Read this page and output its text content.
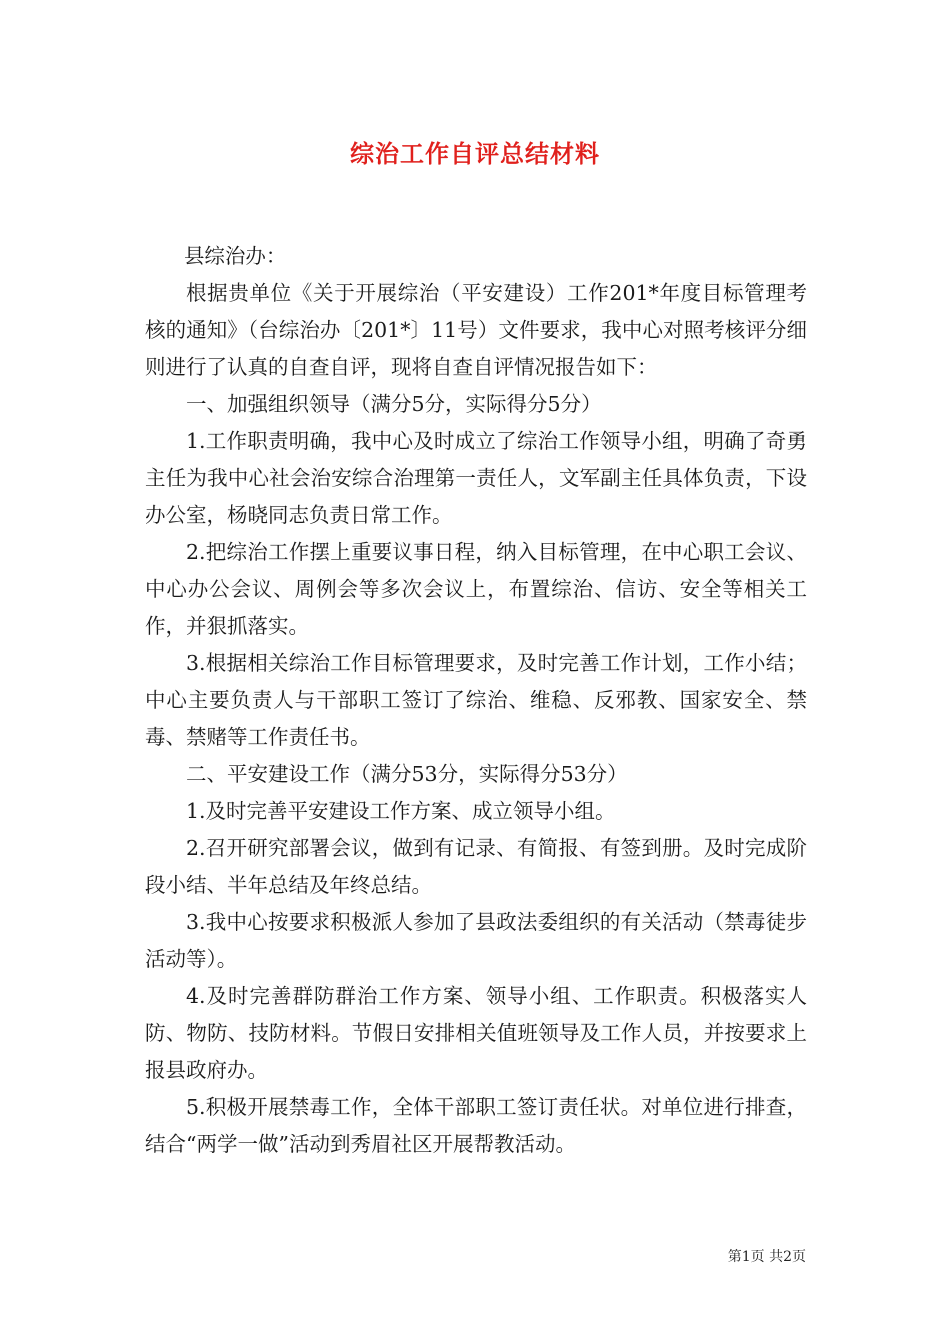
综治工作自评总结材料

县综治办：

根据贵单位《关于开展综治（平安建设）工作201*年度目标管理考核的通知》（台综治办〔201*〕11号）文件要求，我中心对照考核评分细则进行了认真的自查自评，现将自查自评情况报告如下：

一、加强组织领导（满分5分，实际得分5分）

1.工作职责明确，我中心及时成立了综治工作领导小组，明确了奇勇主任为我中心社会治安综合治理第一责任人，文军副主任具体负责，下设办公室，杨晓同志负责日常工作。

2.把综治工作摆上重要议事日程，纳入目标管理，在中心职工会议、中心办公会议、周例会等多次会议上，布置综治、信访、安全等相关工作，并狠抓落实。

3.根据相关综治工作目标管理要求，及时完善工作计划，工作小结；中心主要负责人与干部职工签订了综治、维稳、反邪教、国家安全、禁毒、禁赌等工作责任书。

二、平安建设工作（满分53分，实际得分53分）

1.及时完善平安建设工作方案、成立领导小组。

2.召开研究部署会议，做到有记录、有简报、有签到册。及时完成阶段小结、半年总结及年终总结。

3.我中心按要求积极派人参加了县政法委组织的有关活动（禁毒徒步活动等）。

4.及时完善群防群治工作方案、领导小组、工作职责。积极落实人防、物防、技防材料。节假日安排相关值班领导及工作人员，并按要求上报县政府办。

5.积极开展禁毒工作，全体干部职工签订责任状。对单位进行排查，结合“两学一做”活动到秀眉社区开展帮教活动。

第1页 共2页
